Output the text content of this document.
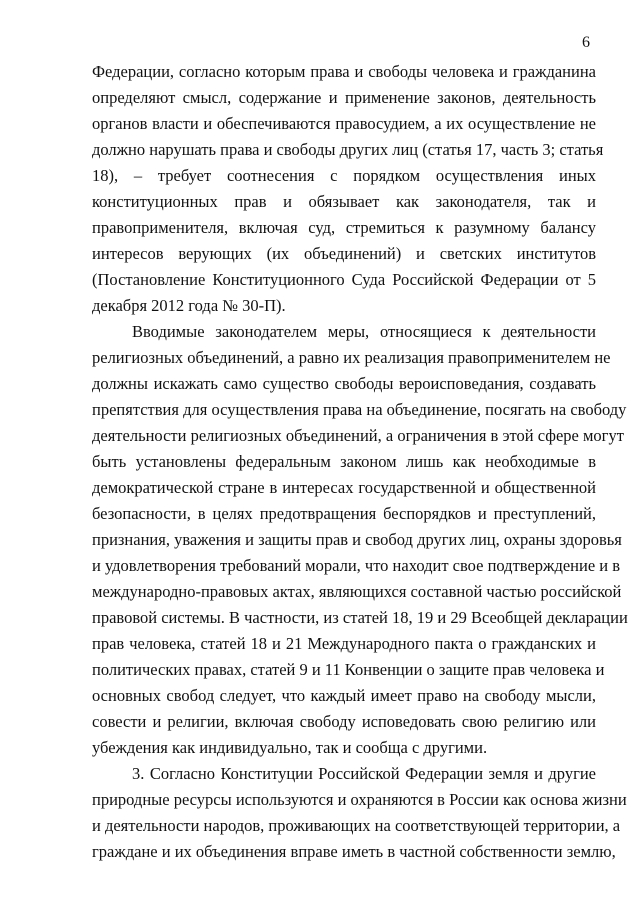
6
Федерации, согласно которым права и свободы человека и гражданина
определяют смысл, содержание и применение законов, деятельность
органов власти и обеспечиваются правосудием, а их осуществление не
должно нарушать права и свободы других лиц (статья 17, часть 3; статья
18), – требует соотнесения с порядком осуществления иных
конституционных прав и обязывает как законодателя, так и
правоприменителя, включая суд, стремиться к разумному балансу
интересов верующих (их объединений) и светских институтов
(Постановление Конституционного Суда Российской Федерации от 5
декабря 2012 года № 30-П).
Вводимые законодателем меры, относящиеся к деятельности
религиозных объединений, а равно их реализация правоприменителем не
должны искажать само существо свободы вероисповедания, создавать
препятствия для осуществления права на объединение, посягать на свободу
деятельности религиозных объединений, а ограничения в этой сфере могут
быть установлены федеральным законом лишь как необходимые в
демократической стране в интересах государственной и общественной
безопасности, в целях предотвращения беспорядков и преступлений,
признания, уважения и защиты прав и свобод других лиц, охраны здоровья
и удовлетворения требований морали, что находит свое подтверждение и в
международно-правовых актах, являющихся составной частью российской
правовой системы. В частности, из статей 18, 19 и 29 Всеобщей декларации
прав человека, статей 18 и 21 Международного пакта о гражданских и
политических правах, статей 9 и 11 Конвенции о защите прав человека и
основных свобод следует, что каждый имеет право на свободу мысли,
совести и религии, включая свободу исповедовать свою религию или
убеждения как индивидуально, так и сообща с другими.
3. Согласно Конституции Российской Федерации земля и другие
природные ресурсы используются и охраняются в России как основа жизни
и деятельности народов, проживающих на соответствующей территории, а
граждане и их объединения вправе иметь в частной собственности землю,
